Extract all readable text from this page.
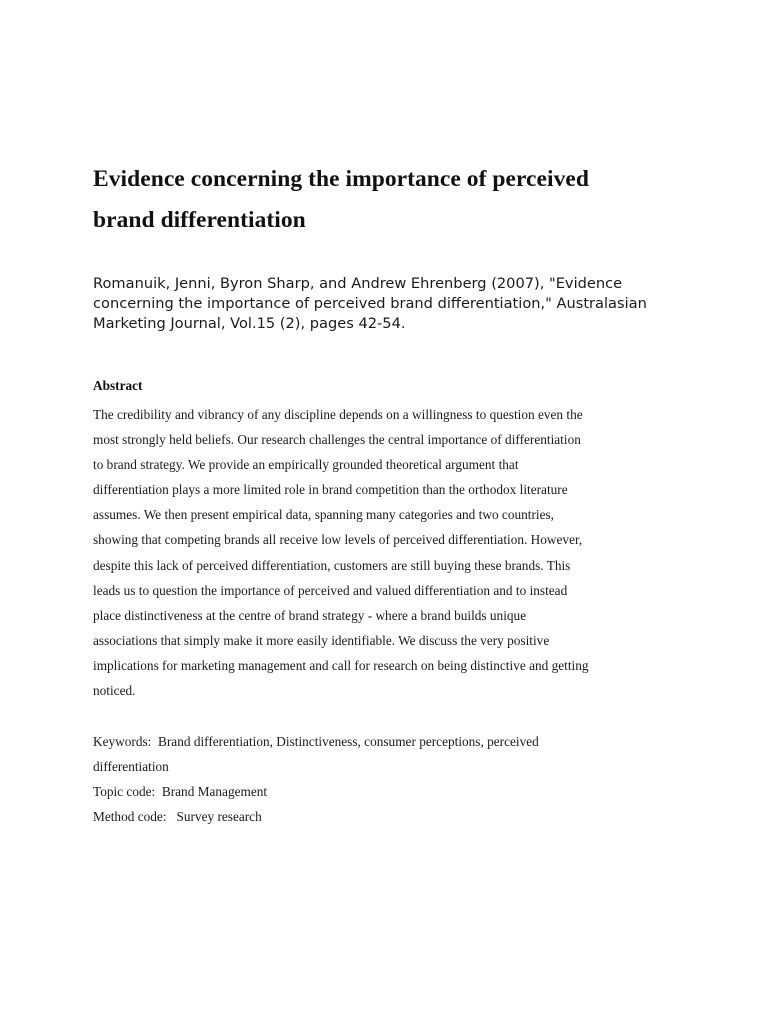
Evidence concerning the importance of perceived
brand differentiation

Romanuik, Jenni, Byron Sharp, and Andrew Ehrenberg (2007), "Evidence
concerning the importance of perceived brand differentiation," Australasian
Marketing Journal, Vol.15 (2), pages 42-54.

Abstract

The credibility and vibrancy of any discipline depends on a willingness to question even the
most strongly held beliefs. Our research challenges the central importance of differentiation
to brand strategy. We provide an empirically grounded theoretical argument that
differentiation plays a more limited role in brand competition than the orthodox literature
assumes. We then present empirical data, spanning many categories and two countries,
showing that competing brands all receive low levels of perceived differentiation. However,
despite this lack of perceived differentiation, customers are still buying these brands. This
leads us to question the importance of perceived and valued differentiation and to instead
place distinctiveness at the centre of brand strategy - where a brand builds unique
associations that simply make it more easily identifiable. We discuss the very positive
implications for marketing management and call for research on being distinctive and getting
noticed.

Keywords:  Brand differentiation, Distinctiveness, consumer perceptions, perceived
differentiation
Topic code:  Brand Management
Method code:   Survey research
